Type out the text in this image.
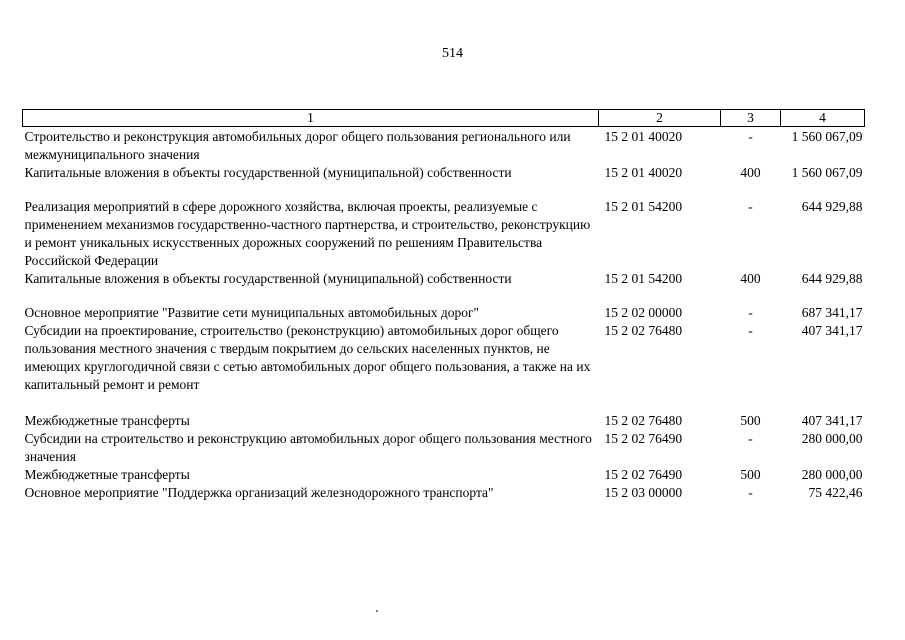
514
1	2	3	4
Строительство и реконструкция автомобильных дорог общего пользования регионального или межмуниципального значения	15 2 01 40020	-	1 560 067,09
Капитальные вложения в объекты государственной (муниципальной) собственности	15 2 01 40020	400	1 560 067,09

Реализация мероприятий в сфере дорожного хозяйства, включая проекты, реализуемые с применением механизмов государственно-частного партнерства, и строительство, реконструкцию и ремонт уникальных искусственных дорожных сооружений по решениям Правительства Российской Федерации	15 2 01 54200	-	644 929,88
Капитальные вложения в объекты государственной (муниципальной) собственности	15 2 01 54200	400	644 929,88

Основное мероприятие "Развитие сети муниципальных автомобильных дорог"	15 2 02 00000	-	687 341,17
Субсидии на проектирование, строительство (реконструкцию) автомобильных дорог общего пользования местного значения с твердым покрытием до сельских населенных пунктов, не имеющих круглогодичной связи с сетью автомобильных дорог общего пользования, а также на их капитальный ремонт и ремонт	15 2 02 76480	-	407 341,17

Межбюджетные трансферты	15 2 02 76480	500	407 341,17
Субсидии на строительство и реконструкцию автомобильных дорог общего пользования местного значения	15 2 02 76490	-	280 000,00
Межбюджетные трансферты	15 2 02 76490	500	280 000,00
Основное мероприятие "Поддержка организаций железнодорожного транспорта"	15 2 03 00000	-	75 422,46
